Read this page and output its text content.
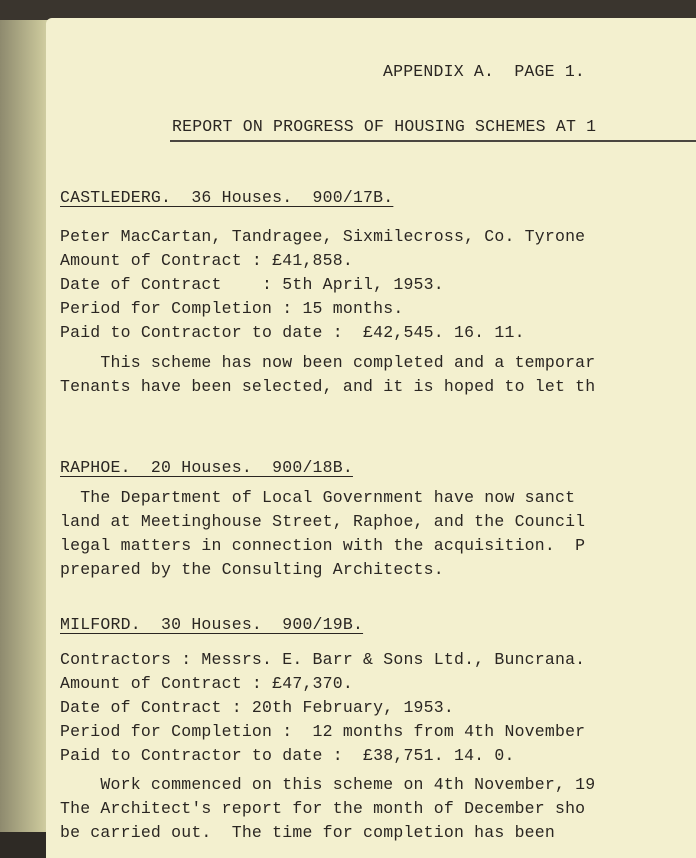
APPENDIX A.  PAGE 1.
REPORT ON PROGRESS OF HOUSING SCHEMES AT 1
CASTLEDERG.  36 Houses.  900/17B.
Peter MacCartan, Tandragee, Sixmilecross, Co. Tyrone
Amount of Contract : £41,858.
Date of Contract    : 5th April, 1953.
Period for Completion : 15 months.
Paid to Contractor to date :  £42,545. 16. 11.
This scheme has now been completed and a temporar
Tenants have been selected, and it is hoped to let th
RAPHOE.  20 Houses.  900/18B.
The Department of Local Government have now sanct
land at Meetinghouse Street, Raphoe, and the Council
legal matters in connection with the acquisition.  P
prepared by the Consulting Architects.
MILFORD.  30 Houses.  900/19B.
Contractors : Messrs. E. Barr & Sons Ltd., Buncrana.
Amount of Contract : £47,370.
Date of Contract : 20th February, 1953.
Period for Completion :  12 months from 4th November
Paid to Contractor to date :  £38,751. 14. 0.
Work commenced on this scheme on 4th November, 19
The Architect's report for the month of December sho
be carried out.  The time for completion has been
